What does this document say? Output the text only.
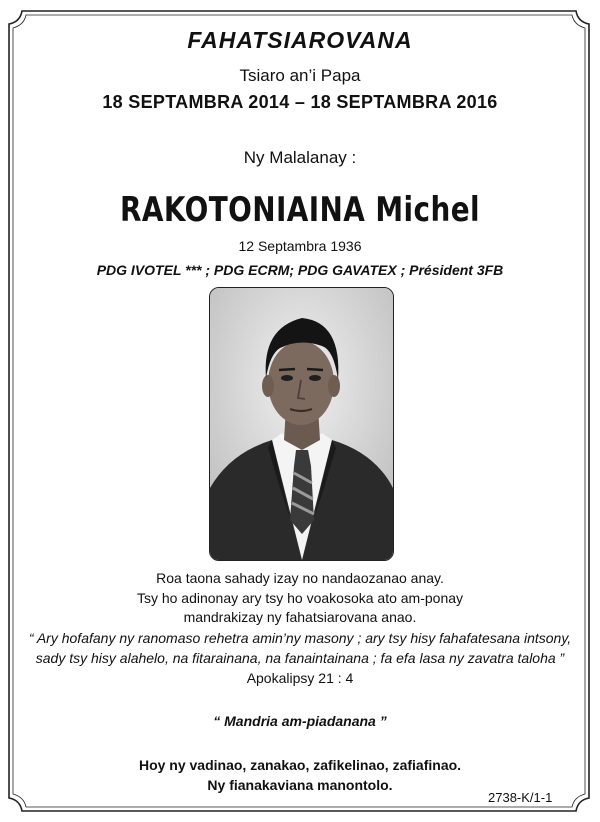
FAHATSIAROVANA
Tsiaro an’i Papa
18 SEPTAMBRA 2014 – 18 SEPTAMBRA 2016
Ny Malalanay :
RAKOTONIAINA Michel
12 Septambra 1936
PDG IVOTEL *** ; PDG ECRM; PDG GAVATEX ; Président 3FB
Roa taona sahady izay no nandaozanao anay.
Tsy ho adinonay ary tsy ho voakosoka ato am-ponay
mandrakizay ny fahatsiarovana anao.
“ Ary hofafany ny ranomaso rehetra amin’ny masony ; ary tsy hisy fahafatesana intsony,
sady tsy hisy alahelo, na fitarainana, na fanaintainana ; fa efa lasa ny zavatra taloha ”
Apokalipsy 21 : 4
“ Mandria am-piadanana ”
Hoy ny vadinao, zanakao, zafikelinao, zafiafinao.
Ny fianakaviana manontolo.
2738-K/1-1
